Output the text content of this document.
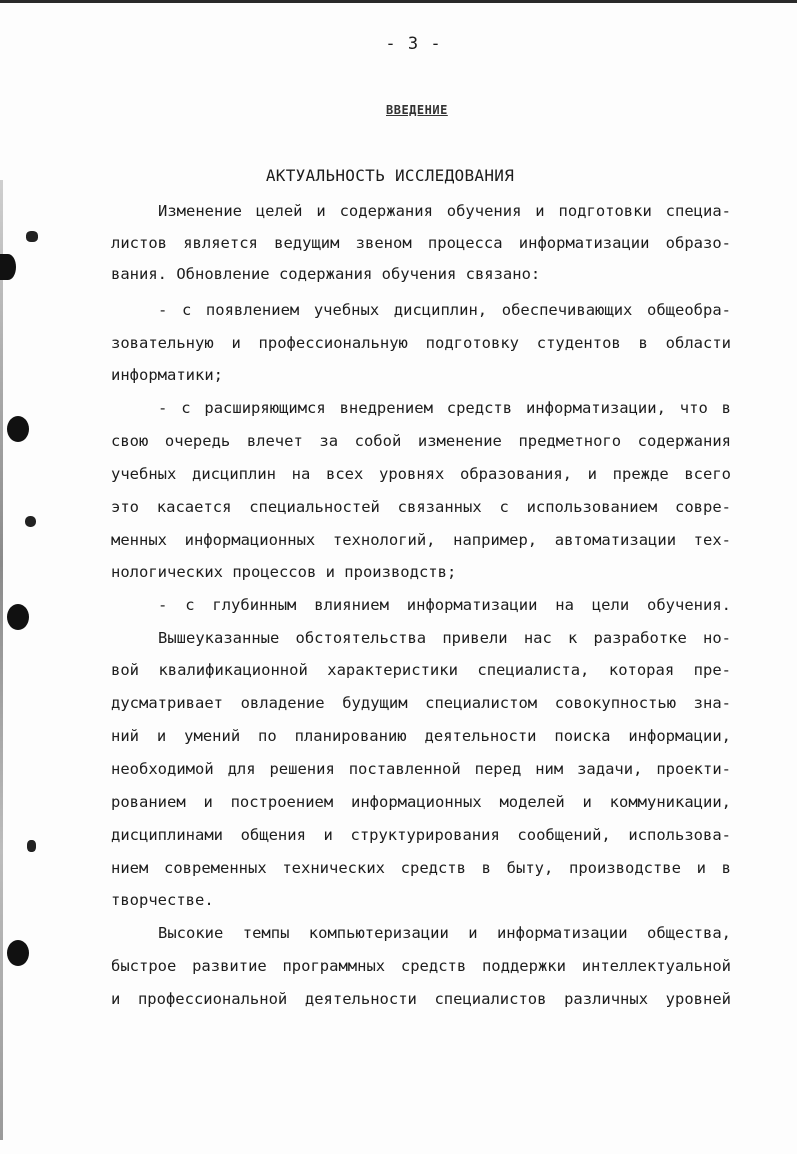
- 3 -
ВВЕДЕНИЕ
АКТУАЛЬНОСТЬ ИССЛЕДОВАНИЯ
Изменение целей и содержания обучения и подготовки специа-
листов является ведущим звеном процесса информатизации образо-
вания. Обновление содержания обучения связано:
- с появлением учебных дисциплин, обеспечивающих общеобра-
зовательную и профессиональную подготовку студентов в области
информатики;
- с расширяющимся внедрением средств информатизации, что в
свою очередь влечет за собой изменение предметного содержания
учебных дисциплин на всех уровнях образования, и прежде всего
это касается специальностей связанных с использованием совре-
менных информационных технологий, например, автоматизации тех-
нологических процессов и производств;
- с глубинным влиянием информатизации на цели обучения.
Вышеуказанные обстоятельства привели нас к разработке но-
вой квалификационной характеристики специалиста, которая пре-
дусматривает овладение будущим специалистом совокупностью зна-
ний и умений по планированию деятельности поиска информации,
необходимой для решения поставленной перед ним задачи, проекти-
рованием и построением информационных моделей и коммуникации,
дисциплинами общения и структурирования сообщений, использова-
нием современных технических средств в быту, производстве и в
творчестве.
Высокие темпы компьютеризации и информатизации общества,
быстрое развитие программных средств поддержки интеллектуальной
и профессиональной деятельности специалистов различных уровней
